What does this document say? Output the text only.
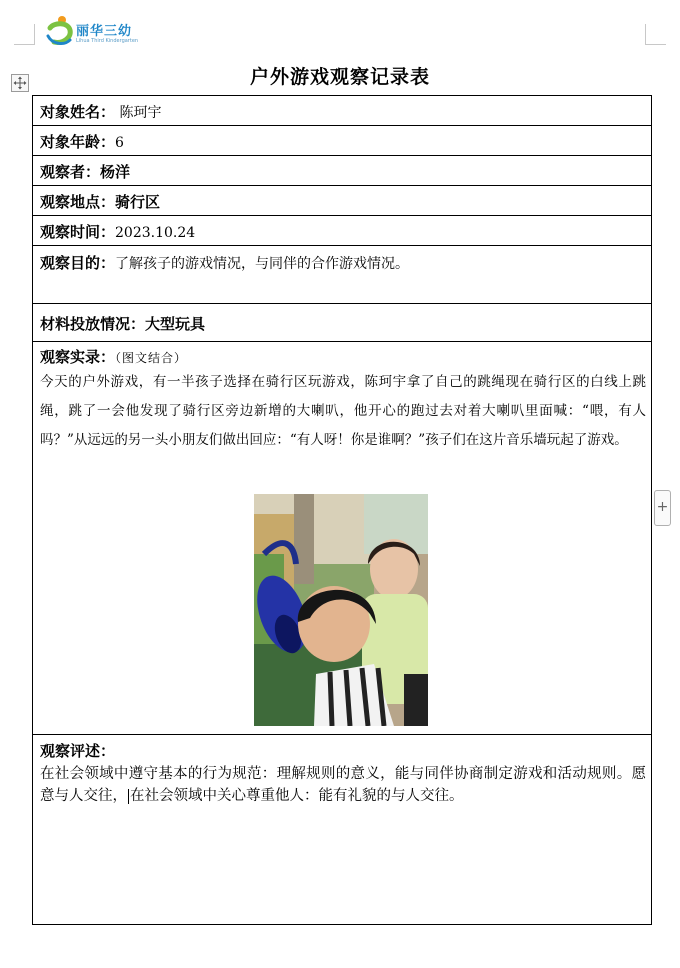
丽华三幼
Lihua Third Kindergarten
+
户外游戏观察记录表
对象姓名： 陈珂宇
对象年龄：6
观察者：杨洋
观察地点：骑行区
观察时间：2023.10.24
观察目的：了解孩子的游戏情况，与同伴的合作游戏情况。
材料投放情况：大型玩具
观察实录：（图文结合）
今天的户外游戏，有一半孩子选择在骑行区玩游戏，陈珂宇拿了自己的跳绳现在骑行区的白线上跳绳，跳了一会他发现了骑行区旁边新增的大喇叭，他开心的跑过去对着大喇叭里面喊：“喂，有人吗？”从远远的另一头小朋友们做出回应：“有人呀！你是谁啊？”孩子们在这片音乐墙玩起了游戏。
观察评述：
在社会领域中遵守基本的行为规范：理解规则的意义，能与同伴协商制定游戏和活动规则。愿意与人交往， 在社会领域中关心尊重他人：能有礼貌的与人交往。
